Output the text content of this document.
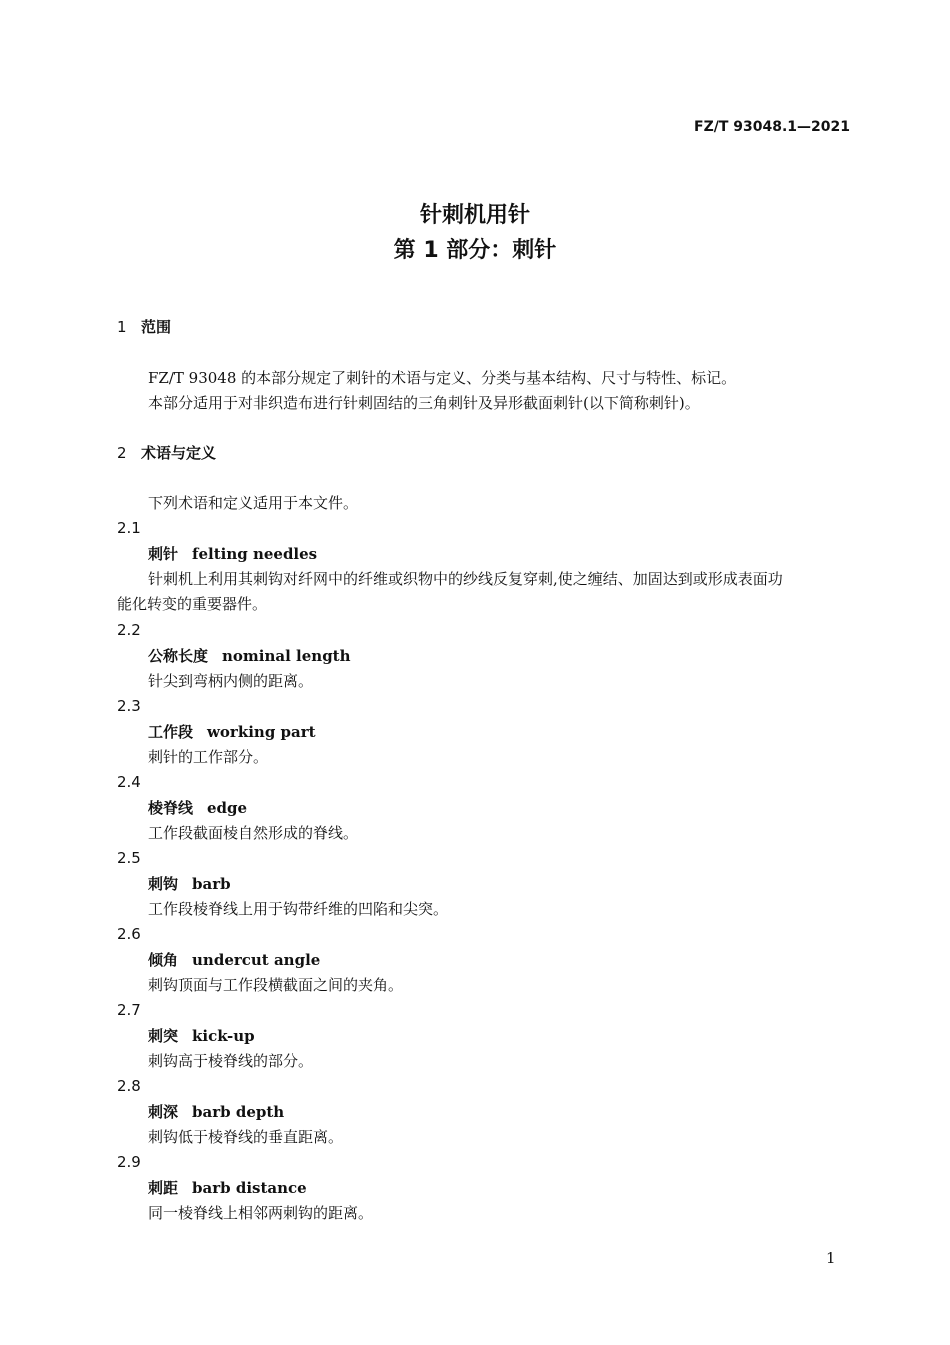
FZ/T 93048.1—2021
针刺机用针
第 1 部分：刺针
1 范围
FZ/T 93048 的本部分规定了刺针的术语与定义、分类与基本结构、尺寸与特性、标记。
本部分适用于对非织造布进行针刺固结的三角刺针及异形截面刺针(以下简称刺针)。
2 术语与定义
下列术语和定义适用于本文件。
2.1
刺针 felting needles
针刺机上利用其刺钩对纤网中的纤维或织物中的纱线反复穿刺,使之缠结、加固达到或形成表面功
能化转变的重要器件。
2.2
公称长度 nominal length
针尖到弯柄内侧的距离。
2.3
工作段 working part
刺针的工作部分。
2.4
棱脊线 edge
工作段截面棱自然形成的脊线。
2.5
刺钩 barb
工作段棱脊线上用于钩带纤维的凹陷和尖突。
2.6
倾角 undercut angle
刺钩顶面与工作段横截面之间的夹角。
2.7
刺突 kick-up
刺钩高于棱脊线的部分。
2.8
刺深 barb depth
刺钩低于棱脊线的垂直距离。
2.9
刺距 barb distance
同一棱脊线上相邻两刺钩的距离。
1
